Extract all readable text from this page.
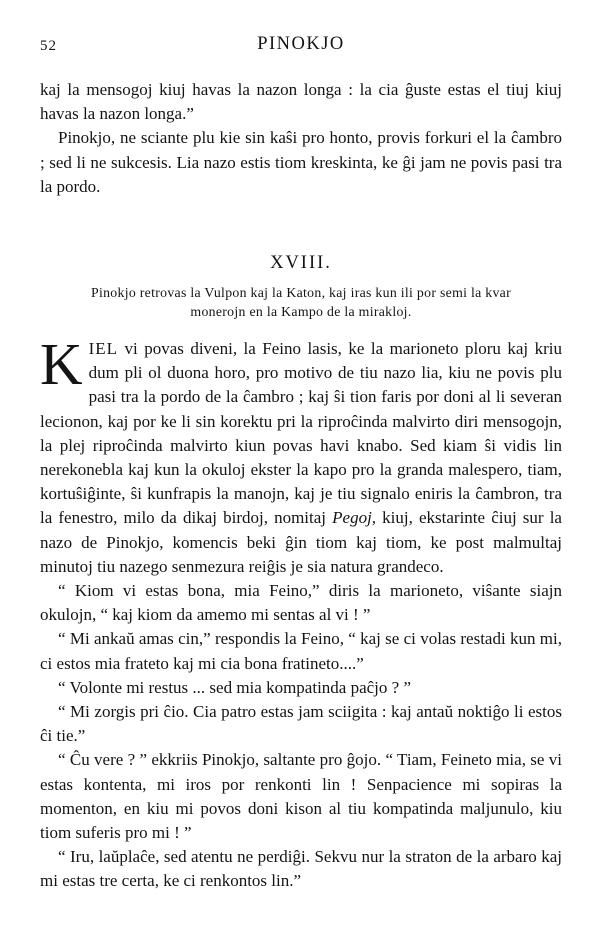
52	PINOKJO

kaj la mensogoj kiuj havas la nazon longa : la cia ĝuste estas el tiuj kiuj havas la nazon longa.”

Pinokjo, ne sciante plu kie sin kaŝi pro honto, provis forkuri el la ĉambro ; sed li ne sukcesis. Lia nazo estis tiom kreskinta, ke ĝi jam ne povis pasi tra la pordo.

XVIII.
Pinokjo retrovas la Vulpon kaj la Katon, kaj iras kun ili por semi la kvar monerojn en la Kampo de la mirakloj.

KIEL vi povas diveni, la Feino lasis, ke la marioneto ploru kaj kriu dum pli ol duona horo, pro motivo de tiu nazo lia, kiu ne povis plu pasi tra la pordo de la ĉambro ; kaj ŝi tion faris por doni al li severan lecionon, kaj por ke li sin korektu pri la riproĉinda malvirto diri mensogojn, la plej riproĉinda malvirto kiun povas havi knabo. Sed kiam ŝi vidis lin nerekonebla kaj kun la okuloj ekster la kapo pro la granda malespero, tiam, kortuŝiĝinte, ŝi kunfrapis la manojn, kaj je tiu signalo eniris la ĉambron, tra la fenestro, milo da dikaj birdoj, nomitaj Pegoj, kiuj, ekstarinte ĉiuj sur la nazo de Pinokjo, komencis beki ĝin tiom kaj tiom, ke post malmultaj minutoj tiu nazego senmezura reiĝis je sia natura grandeco.

“ Kiom vi estas bona, mia Feino,” diris la marioneto, viŝante siajn okulojn, “ kaj kiom da amemo mi sentas al vi ! ”

“ Mi ankaŭ amas cin,” respondis la Feino, “ kaj se ci volas restadi kun mi, ci estos mia frateto kaj mi cia bona fratineto....”

“ Volonte mi restus ... sed mia kompatinda paĉjo ? ”

“ Mi zorgis pri ĉio. Cia patro estas jam sciigita : kaj antaŭ noktiĝo li estos ĉi tie.”

“ Ĉu vere ? ” ekkriis Pinokjo, saltante pro ĝojo. “ Tiam, Feineto mia, se vi estas kontenta, mi iros por renkonti lin ! Senpacience mi sopiras la momenton, en kiu mi povos doni kison al tiu kompatinda maljunulo, kiu tiom suferis pro mi ! ”

“ Iru, laŭplaĉe, sed atentu ne perdiĝi. Sekvu nur la straton de la arbaro kaj mi estas tre certa, ke ci renkontos lin.”
